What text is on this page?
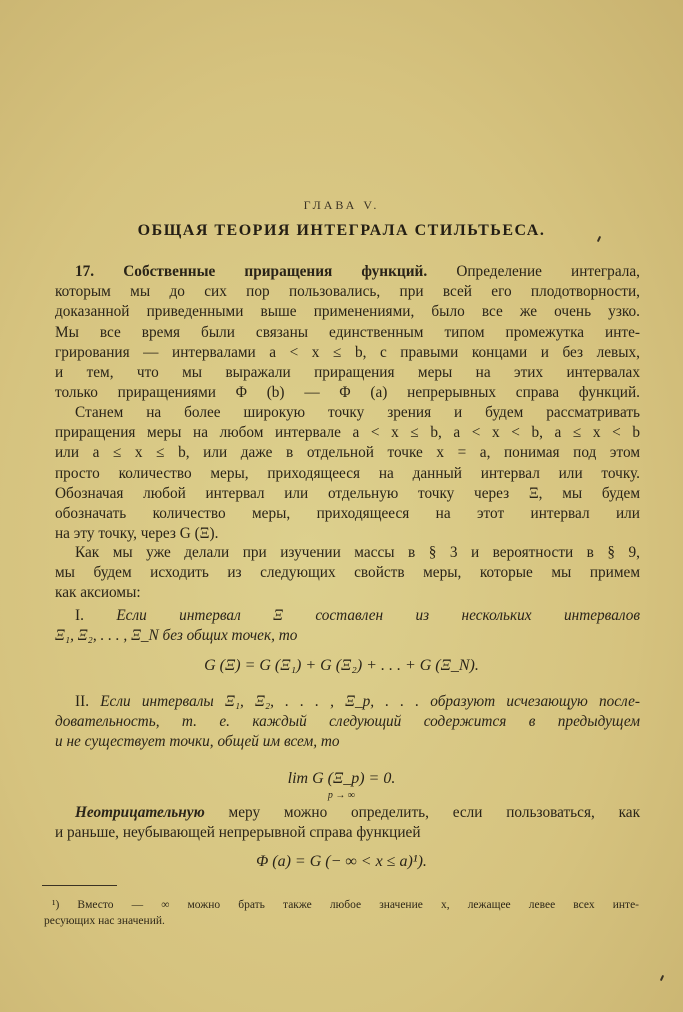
ГЛАВА V.
ОБЩАЯ ТЕОРИЯ ИНТЕГРАЛА СТИЛЬТЬЕСА.
17. Собственные приращения функций. Определение интеграла,
которым мы до сих пор пользовались, при всей его плодотворности,
доказанной приведенными выше применениями, было все же очень узко.
Мы все время были связаны единственным типом промежутка инте-
грирования — интервалами a < x ≤ b, с правыми концами и без левых,
и тем, что мы выражали приращения меры на этих интервалах
только приращениями Φ (b) — Φ (a) непрерывных справа функций.
Станем на более широкую точку зрения и будем рассматривать
приращения меры на любом интервале a < x ≤ b, a < x < b, a ≤ x < b
или a ≤ x ≤ b, или даже в отдельной точке x = a, понимая под этом
просто количество меры, приходящееся на данный интервал или точку.
Обозначая любой интервал или отдельную точку через Ξ, мы будем
обозначать количество меры, приходящееся на этот интервал или
на эту точку, через G (Ξ).
Как мы уже делали при изучении массы в § 3 и вероятности в § 9,
мы будем исходить из следующих свойств меры, которые мы примем
как аксиомы:
I. Если интервал Ξ составлен из нескольких интервалов
Ξ₁, Ξ₂, . . . , Ξ_N без общих точек, то
G (Ξ) = G (Ξ₁) + G (Ξ₂) + . . . + G (Ξ_N).
II. Если интервалы Ξ₁, Ξ₂, . . . , Ξ_p, . . . образуют исчезающую после-
довательность, т. е. каждый следующий содержится в предыдущем
и не существует точки, общей им всем, то
lim G (Ξ_p) = 0.
p → ∞
Неотрицательную меру можно определить, если пользоваться, как
и раньше, неубывающей непрерывной справа функцией
Φ (a) = G (− ∞ < x ≤ a)¹).
¹) Вместо — ∞ можно брать также любое значение x, лежащее левее всех инте-
ресующих нас значений.
